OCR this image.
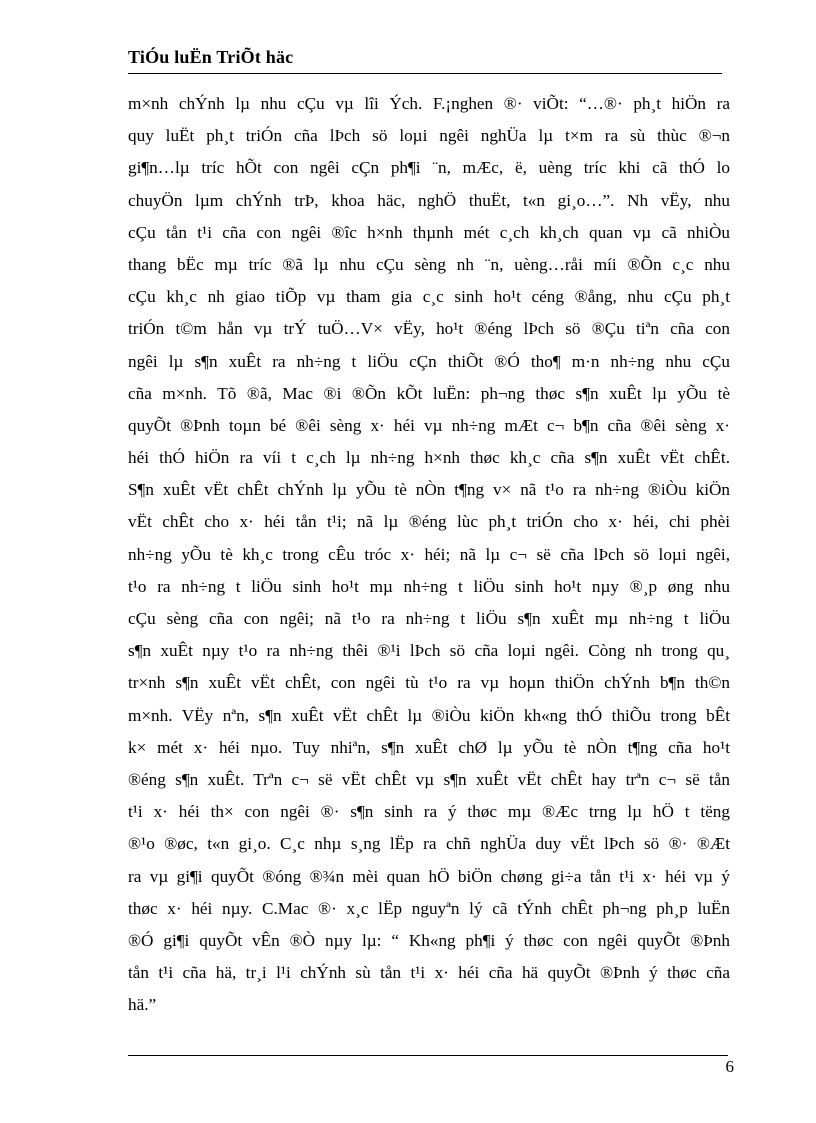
TiÓu luËn TriÕt häc
m×nh chÝnh lµ nhu cÇu vµ lîi Ých. F.¡nghen ®· viÕt: “…®· ph¸t hiÖn ra
quy luËt ph¸t triÓn cña lÞch sö loµi ngêi nghÜa lµ t×m ra sù thùc ®¬n
gi¶n…lµ tríc hÕt con ngêi cÇn ph¶i ¨n, mÆc, ë, uèng tríc khi cã thÓ lo
chuyÖn lµm chÝnh trÞ, khoa häc, nghÖ thuËt, t«n gi¸o…”. Nh vËy, nhu
cÇu tån t¹i cña con ngêi ®îc h×nh thµnh mét c¸ch kh¸ch quan vµ cã nhiÒu
thang bËc mµ tríc ®ã lµ nhu cÇu sèng nh ¨n, uèng…råi míi ®Õn c¸c nhu
cÇu kh¸c nh giao tiÕp vµ tham gia c¸c sinh ho¹t céng ®ång, nhu cÇu ph¸t
triÓn t©m hån vµ trÝ tuÖ…V× vËy, ho¹t ®éng lÞch sö ®Çu tiªn cña con
ngêi lµ s¶n xuÊt ra nh÷ng t liÖu cÇn thiÕt ®Ó tho¶ m·n nh÷ng nhu cÇu
cña m×nh. Tõ ®ã, Mac ®i ®Õn kÕt luËn: ph¬ng thøc s¶n xuÊt lµ yÕu tè
quyÕt ®Þnh toµn bé ®êi sèng x· héi vµ nh÷ng mÆt c¬ b¶n cña ®êi sèng x·
héi thÓ hiÖn ra víi t c¸ch lµ nh÷ng h×nh thøc kh¸c cña s¶n xuÊt vËt chÊt.
S¶n xuÊt vËt chÊt chÝnh lµ yÕu tè nÒn t¶ng v× nã t¹o ra nh÷ng ®iÒu kiÖn
vËt chÊt cho x· héi tån t¹i; nã lµ ®éng lùc ph¸t triÓn cho x· héi, chi phèi
nh÷ng yÕu tè kh¸c trong cÊu tróc x· héi; nã lµ c¬ së cña lÞch sö loµi ngêi,
t¹o ra nh÷ng t liÖu sinh ho¹t mµ nh÷ng t liÖu sinh ho¹t nµy ®¸p øng nhu
cÇu sèng cña con ngêi; nã t¹o ra nh÷ng t liÖu s¶n xuÊt mµ nh÷ng t liÖu
s¶n xuÊt nµy t¹o ra nh÷ng thêi ®¹i lÞch sö cña loµi ngêi. Còng nh trong qu¸
tr×nh s¶n xuÊt vËt chÊt, con ngêi tù t¹o ra vµ hoµn thiÖn chÝnh b¶n th©n
m×nh. VËy nªn, s¶n xuÊt vËt chÊt lµ ®iÒu kiÖn kh«ng thÓ thiÕu trong bÊt
k× mét x· héi nµo. Tuy nhiªn, s¶n xuÊt chØ lµ yÕu tè nÒn t¶ng cña ho¹t
®éng s¶n xuÊt. Trªn c¬ së vËt chÊt vµ s¶n xuÊt vËt chÊt hay trªn c¬ së tån
t¹i x· héi th× con ngêi ®· s¶n sinh ra ý thøc mµ ®Æc trng lµ hÖ t tëng
®¹o ®øc, t«n gi¸o. C¸c nhµ s¸ng lËp ra chñ nghÜa duy vËt lÞch sö ®· ®Æt
ra vµ gi¶i quyÕt ®óng ®¾n mèi quan hÖ biÖn chøng gi÷a tån t¹i x· héi vµ ý
thøc x· héi nµy. C.Mac ®· x¸c lËp nguyªn lý cã tÝnh chÊt ph¬ng ph¸p luËn
®Ó gi¶i quyÕt vÊn ®Ò nµy lµ: “ Kh«ng ph¶i ý thøc con ngêi quyÕt ®Þnh
tån t¹i cña hä, tr¸i l¹i chÝnh sù tån t¹i x· héi cña hä quyÕt ®Þnh ý thøc cña
hä.”
6
